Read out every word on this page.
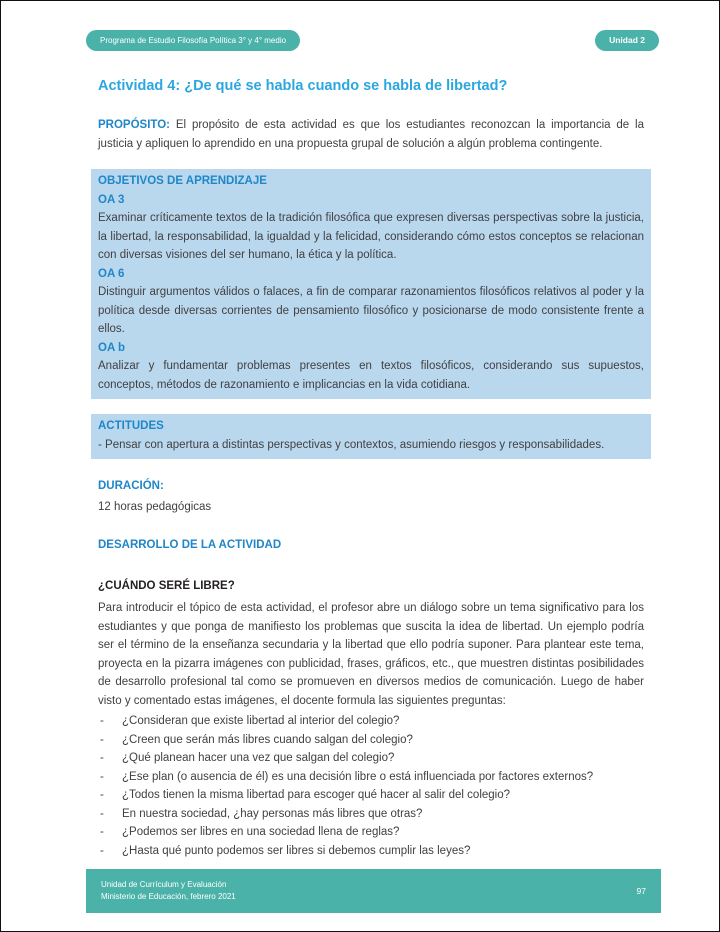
Programa de Estudio Filosofía Política 3° y 4° medio	Unidad 2
Actividad 4: ¿De qué se habla cuando se habla de libertad?

PROPÓSITO: El propósito de esta actividad es que los estudiantes reconozcan la importancia de la justicia y apliquen lo aprendido en una propuesta grupal de solución a algún problema contingente.

OBJETIVOS DE APRENDIZAJE
OA 3

Examinar críticamente textos de la tradición filosófica que expresen diversas perspectivas sobre la justicia, la libertad, la responsabilidad, la igualdad y la felicidad, considerando cómo estos conceptos se relacionan con diversas visiones del ser humano, la ética y la política.

OA 6

Distinguir argumentos válidos o falaces, a fin de comparar razonamientos filosóficos relativos al poder y la política desde diversas corrientes de pensamiento filosófico y posicionarse de modo consistente frente a ellos.

OA b

Analizar y fundamentar problemas presentes en textos filosóficos, considerando sus supuestos, conceptos, métodos de razonamiento e implicancias en la vida cotidiana.

ACTITUDES

- Pensar con apertura a distintas perspectivas y contextos, asumiendo riesgos y responsabilidades.

DURACIÓN:

12 horas pedagógicas

DESARROLLO DE LA ACTIVIDAD
¿CUÁNDO SERÉ LIBRE?

Para introducir el tópico de esta actividad, el profesor abre un diálogo sobre un tema significativo para los estudiantes y que ponga de manifiesto los problemas que suscita la idea de libertad. Un ejemplo podría ser el término de la enseñanza secundaria y la libertad que ello podría suponer. Para plantear este tema, proyecta en la pizarra imágenes con publicidad, frases, gráficos, etc., que muestren distintas posibilidades de desarrollo profesional tal como se promueven en diversos medios de comunicación. Luego de haber visto y comentado estas imágenes, el docente formula las siguientes preguntas:

-	¿Consideran que existe libertad al interior del colegio?
-	¿Creen que serán más libres cuando salgan del colegio?
-	¿Qué planean hacer una vez que salgan del colegio?
-	¿Ese plan (o ausencia de él) es una decisión libre o está influenciada por factores externos?
-	¿Todos tienen la misma libertad para escoger qué hacer al salir del colegio?
-	En nuestra sociedad, ¿hay personas más libres que otras?
-	¿Podemos ser libres en una sociedad llena de reglas?
-	¿Hasta qué punto podemos ser libres si debemos cumplir las leyes?
Unidad de Currículum y Evaluación
Ministerio de Educación, febrero 2021
97
